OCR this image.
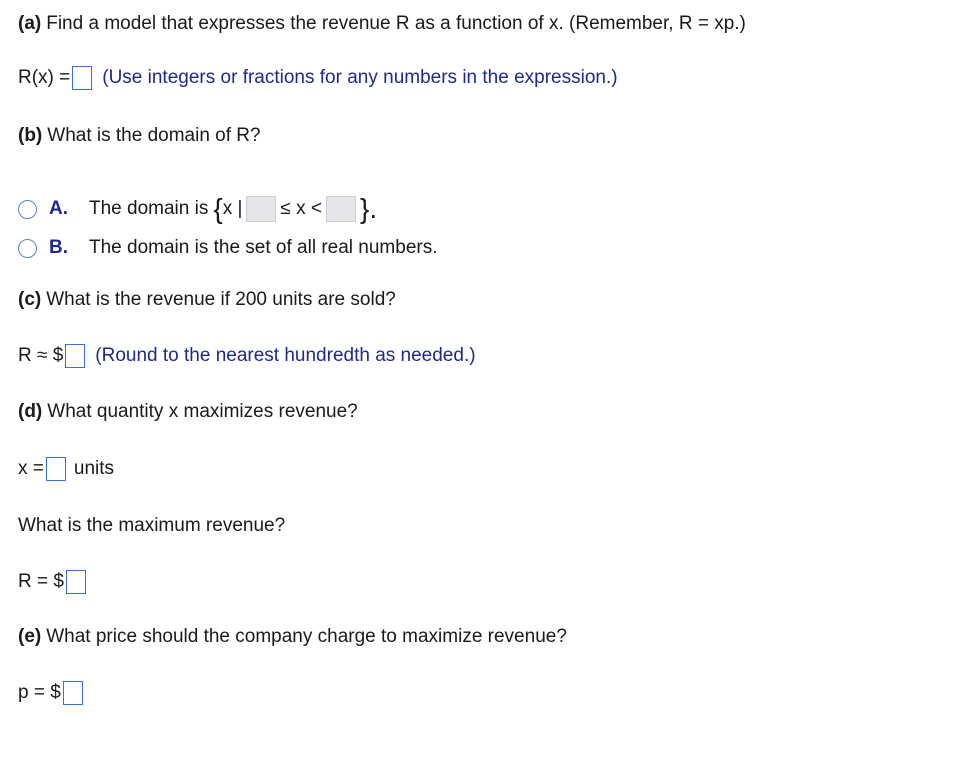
(a) Find a model that expresses the revenue R as a function of x. (Remember, R = xp.)
R(x) = (Use integers or fractions for any numbers in the expression.)
(b) What is the domain of R?
A.	The domain is { x | ≤ x < }.
B.	The domain is the set of all real numbers.
(c) What is the revenue if 200 units are sold?
R ≈ $ (Round to the nearest hundredth as needed.)
(d) What quantity x maximizes revenue?
x = units
What is the maximum revenue?
R = $
(e) What price should the company charge to maximize revenue?
p = $
